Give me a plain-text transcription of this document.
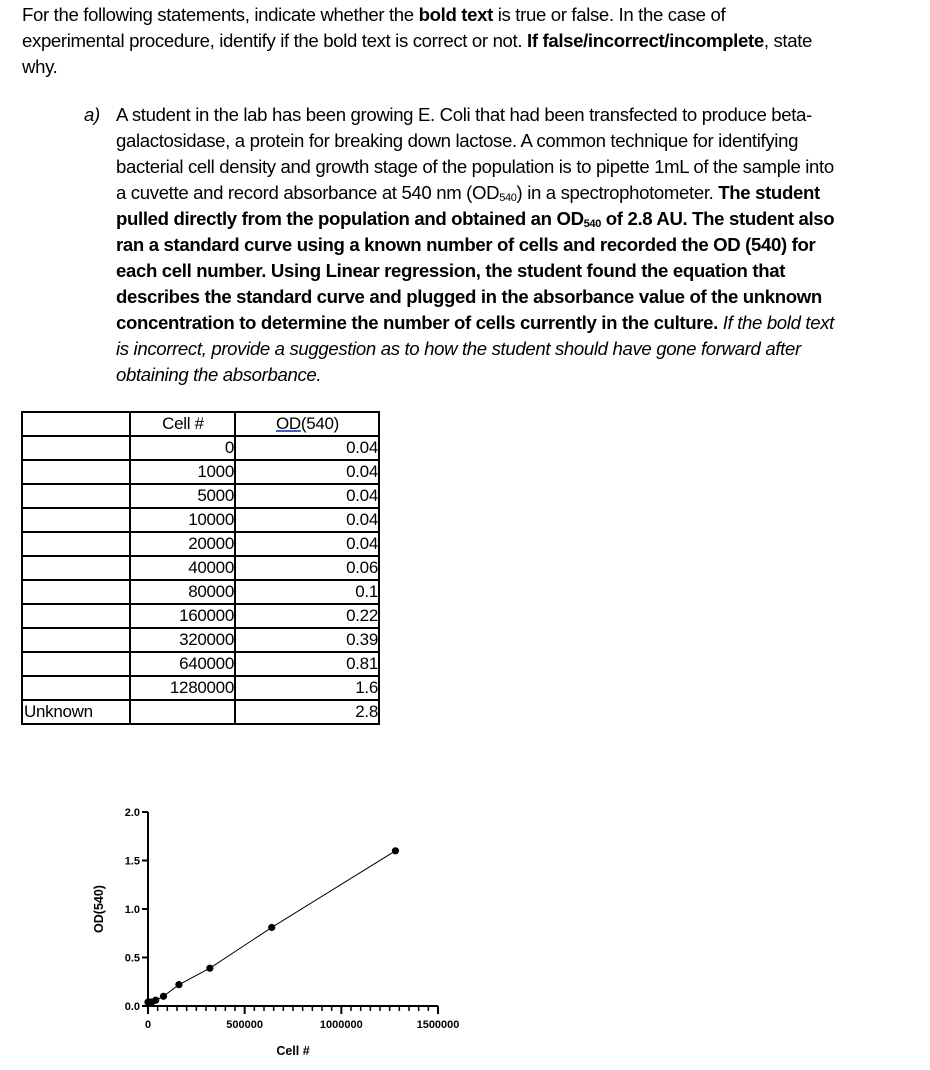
For the following statements, indicate whether the bold text is true or false. In the case of experimental procedure, identify if the bold text is correct or not. If false/incorrect/incomplete, state why.
a) A student in the lab has been growing E. Coli that had been transfected to produce beta-galactosidase, a protein for breaking down lactose. A common technique for identifying bacterial cell density and growth stage of the population is to pipette 1mL of the sample into a cuvette and record absorbance at 540 nm $(OD_{540})$ in a spectrophotometer. The student pulled directly from the population and obtained an $OD_{540}$ of 2.8 AU. The student also ran a standard curve using a known number of cells and recorded the OD (540) for each cell number. Using Linear regression, the student found the equation that describes the standard curve and plugged in the absorbance value of the unknown concentration to determine the number of cells currently in the culture. If the bold text is incorrect, provide a suggestion as to how the student should have gone forward after obtaining the absorbance.
	Cell #	OD(540)
	0	0.04
	1000	0.04
	5000	0.04
	10000	0.04
	20000	0.04
	40000	0.06
	80000	0.1
	160000	0.22
	320000	0.39
	640000	0.81
	1280000	1.6
Unknown		2.8
0.0
0.5
1.0
1.5
2.0
0	500000	1000000	1500000
Cell #
OD(540)
